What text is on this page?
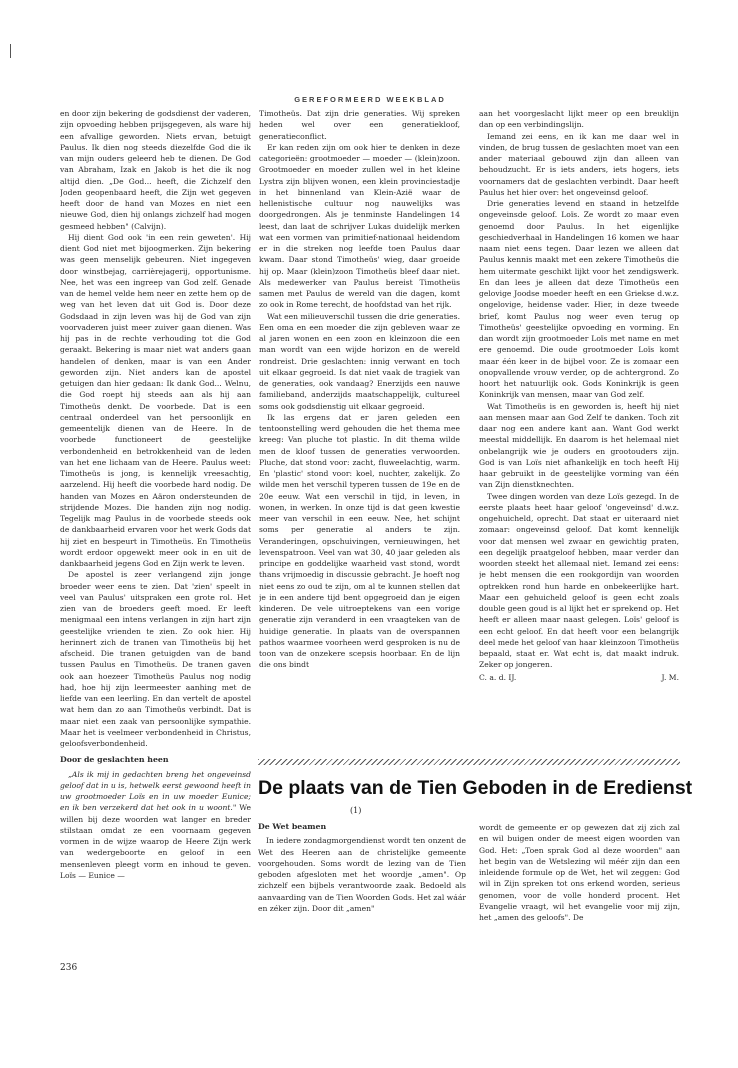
GEREFORMEERD WEEKBLAD

en door zijn bekering de godsdienst der vaderen, zijn opvoeding hebben prijsgegeven, als ware hij een afvallige geworden. Niets ervan, betuigt Paulus. Ik dien nog steeds diezelfde God die ik van mijn ouders geleerd heb te dienen. De God van Abraham, Izak en Jakob is het die ik nog altijd dien. „De God... heeft, die Zichzelf den Joden geopenbaard heeft, die Zijn wet gegeven heeft door de hand van Mozes en niet een nieuwe God, dien hij onlangs zichzelf had mogen gesmeed hebben" (Calvijn).

Hij dient God ook 'in een rein geweten'. Hij dient God niet met bijoogmerken. Zijn bekering was geen menselijk gebeuren. Niet ingegeven door winstbejag, carrièrejagerij, opportunisme. Nee, het was een ingreep van God zelf. Genade van de hemel velde hem neer en zette hem op de weg van het leven dat uit God is. Door deze Godsdaad in zijn leven was hij de God van zijn voorvaderen juist meer zuiver gaan dienen. Was hij pas in de rechte verhouding tot die God geraakt. Bekering is maar niet wat anders gaan handelen of denken, maar is van een Ander geworden zijn. Niet anders kan de apostel getuigen dan hier gedaan: Ik dank God... Welnu, die God roept hij steeds aan als hij aan Timotheüs denkt. De voorbede. Dat is een centraal onderdeel van het persoonlijk en gemeentelijk dienen van de Heere. In de voorbede functioneert de geestelijke verbondenheid en betrokkenheid van de leden van het ene lichaam van de Heere. Paulus weet: Timotheüs is jong, is kennelijk vreesachtig, aarzelend. Hij heeft die voorbede hard nodig. De handen van Mozes en Aäron ondersteunden de strijdende Mozes. Die handen zijn nog nodig. Tegelijk mag Paulus in de voorbede steeds ook de dankbaarheid ervaren voor het werk Gods dat hij ziet en bespeurt in Timotheüs. En Timotheüs wordt erdoor opgewekt meer ook in en uit de dankbaarheid jegens God en Zijn werk te leven.

De apostel is zeer verlangend zijn jonge broeder weer eens te zien. Dat 'zien' speelt in veel van Paulus' uitspraken een grote rol. Het zien van de broeders geeft moed. Er leeft menigmaal een intens verlangen in zijn hart zijn geestelijke vrienden te zien. Zo ook hier. Hij herinnert zich de tranen van Timotheüs bij het afscheid. Die tranen getuigden van de band tussen Paulus en Timotheüs. De tranen gaven ook aan hoezeer Timotheüs Paulus nog nodig had, hoe hij zijn leermeester aanhing met de liefde van een leerling. En dan vertelt de apostel wat hem dan zo aan Timotheüs verbindt. Dat is maar niet een zaak van persoonlijke sympathie. Maar het is veelmeer verbondenheid in Christus, geloofsverbondenheid.

Door de geslachten heen

„Als ik mij in gedachten breng het ongeveinsd geloof dat in u is, hetwelk eerst gewoond heeft in uw grootmoeder Loïs en in uw moeder Eunice; en ik ben verzekerd dat het ook in u woont." We willen bij deze woorden wat langer en breder stilstaan omdat ze een voornaam gegeven vormen in de wijze waarop de Heere Zijn werk van wedergeboorte en geloof in een mensenleven pleegt vorm en inhoud te geven. Loïs — Eunice —

Timotheüs. Dat zijn drie generaties. Wij spreken heden wel over een generatiekloof, generatieconflict.

Er kan reden zijn om ook hier te denken in deze categorieën: grootmoeder — moeder — (klein)zoon. Grootmoeder en moeder zullen wel in het kleine Lystra zijn blijven wonen, een klein provinciestadje in het binnenland van Klein-Azië waar de hellenistische cultuur nog nauwelijks was doorgedrongen. Als je tenminste Handelingen 14 leest, dan laat de schrijver Lukas duidelijk merken wat een vormen van primitief-nationaal heidendom er in die streken nog leefde toen Paulus daar kwam. Daar stond Timotheüs' wieg, daar groeide hij op. Maar (klein)zoon Timotheüs bleef daar niet. Als medewerker van Paulus bereist Timotheüs samen met Paulus de wereld van die dagen, komt zo ook in Rome terecht, de hoofdstad van het rijk.

Wat een milieuverschil tussen die drie generaties. Een oma en een moeder die zijn gebleven waar ze al jaren wonen en een zoon en kleinzoon die een man wordt van een wijde horizon en de wereld rondreist. Drie geslachten: innig verwant en toch uit elkaar gegroeid. Is dat niet vaak de tragiek van de generaties, ook vandaag? Enerzijds een nauwe familieband, anderzijds maatschappelijk, cultureel soms ook godsdienstig uit elkaar gegroeid.

Ik las ergens dat er jaren geleden een tentoonstelling werd gehouden die het thema mee kreeg: Van pluche tot plastic. In dit thema wilde men de kloof tussen de generaties verwoorden. Pluche, dat stond voor: zacht, fluweelachtig, warm. En 'plastic' stond voor: koel, nuchter, zakelijk. Zo wilde men het verschil typeren tussen de 19e en de 20e eeuw. Wat een verschil in tijd, in leven, in wonen, in werken. In onze tijd is dat geen kwestie meer van verschil in een eeuw. Nee, het schijnt soms per generatie al anders te zijn. Veranderingen, opschuivingen, vernieuwingen, het levenspatroon. Veel van wat 30, 40 jaar geleden als principe en goddelijke waarheid vast stond, wordt thans vrijmoedig in discussie gebracht. Je hoeft nog niet eens zo oud te zijn, om al te kunnen stellen dat je in een andere tijd bent opgegroeid dan je eigen kinderen. De vele uitroeptekens van een vorige generatie zijn veranderd in een vraagteken van de huidige generatie. In plaats van de overspannen pathos waarmee voorheen werd gesproken is nu de toon van de onzekere scepsis hoorbaar. En de lijn die ons bindt

aan het voorgeslacht lijkt meer op een breuklijn dan op een verbindingslijn.

Iemand zei eens, en ik kan me daar wel in vinden, de brug tussen de geslachten moet van een ander materiaal gebouwd zijn dan alleen van behoudzucht. Er is iets anders, iets hogers, iets voornamers dat de geslachten verbindt. Daar heeft Paulus het hier over: het ongeveinsd geloof.

Drie generaties levend en staand in hetzelfde ongeveinsde geloof. Loïs. Ze wordt zo maar even genoemd door Paulus. In het eigenlijke geschiedverhaal in Handelingen 16 komen we haar naam niet eens tegen. Daar lezen we alleen dat Paulus kennis maakt met een zekere Timotheüs die hem uitermate geschikt lijkt voor het zendigswerk. En dan lees je alleen dat deze Timotheüs een gelovige Joodse moeder heeft en een Griekse d.w.z. ongelovige, heidense vader. Hier, in deze tweede brief, komt Paulus nog weer even terug op Timotheüs' geestelijke opvoeding en vorming. En dan wordt zijn grootmoeder Loïs met name en met ere genoemd. Die oude grootmoeder Loïs komt maar één keer in de bijbel voor. Ze is zomaar een onopvallende vrouw verder, op de achtergrond. Zo hoort het natuurlijk ook. Gods Koninkrijk is geen Koninkrijk van mensen, maar van God zelf.

Wat Timotheüs is en geworden is, heeft hij niet aan mensen maar aan God Zelf te danken. Toch zit daar nog een andere kant aan. Want God werkt meestal middellijk. En daarom is het helemaal niet onbelangrijk wie je ouders en grootouders zijn. God is van Loïs niet afhankelijk en toch heeft Hij haar gebruikt in de geestelijke vorming van één van Zijn dienstknechten.

Twee dingen worden van deze Loïs gezegd. In de eerste plaats heet haar geloof 'ongeveinsd' d.w.z. ongehuicheld, oprecht. Dat staat er uiteraard niet zomaar: ongeveinsd geloof. Dat komt kennelijk voor dat mensen wel zwaar en gewichtig praten, een degelijk praatgeloof hebben, maar verder dan woorden steekt het allemaal niet. Iemand zei eens: je hebt mensen die een rookgordijn van woorden optrekken rond hun harde en onbekeerlijke hart. Maar een gehuicheld geloof is geen echt zoals double geen goud is al lijkt het er sprekend op. Het heeft er alleen maar naast gelegen. Loïs' geloof is een echt geloof. En dat heeft voor een belangrijk deel mede het geloof van haar kleinzoon Timotheüs bepaald, staat er. Wat echt is, dat maakt indruk. Zeker op jongeren.

C. a. d. IJ.	J. M.
De plaats van de Tien Geboden in de Eredienst
(1)
De Wet beamen

In iedere zondagmorgendienst wordt ten onzent de Wet des Heeren aan de christelijke gemeente voorgehouden. Soms wordt de lezing van de Tien geboden afgesloten met het woordje „amen". Op zichzelf een bijbels verantwoorde zaak. Bedoeld als aanvaarding van de Tien Woorden Gods. Het zal wáár en zéker zijn. Door dit „amen"

wordt de gemeente er op gewezen dat zij zich zal en wil buigen onder de meest eigen woorden van God. Het: „Toen sprak God al deze woorden" aan het begin van de Wetslezing wil méér zijn dan een inleidende formule op de Wet, het wil zeggen: God wil in Zijn spreken tot ons erkend worden, serieus genomen, voor de volle honderd procent. Het Evangelie vraagt, wil het evangelie voor mij zijn, het „amen des geloofs". De

236
